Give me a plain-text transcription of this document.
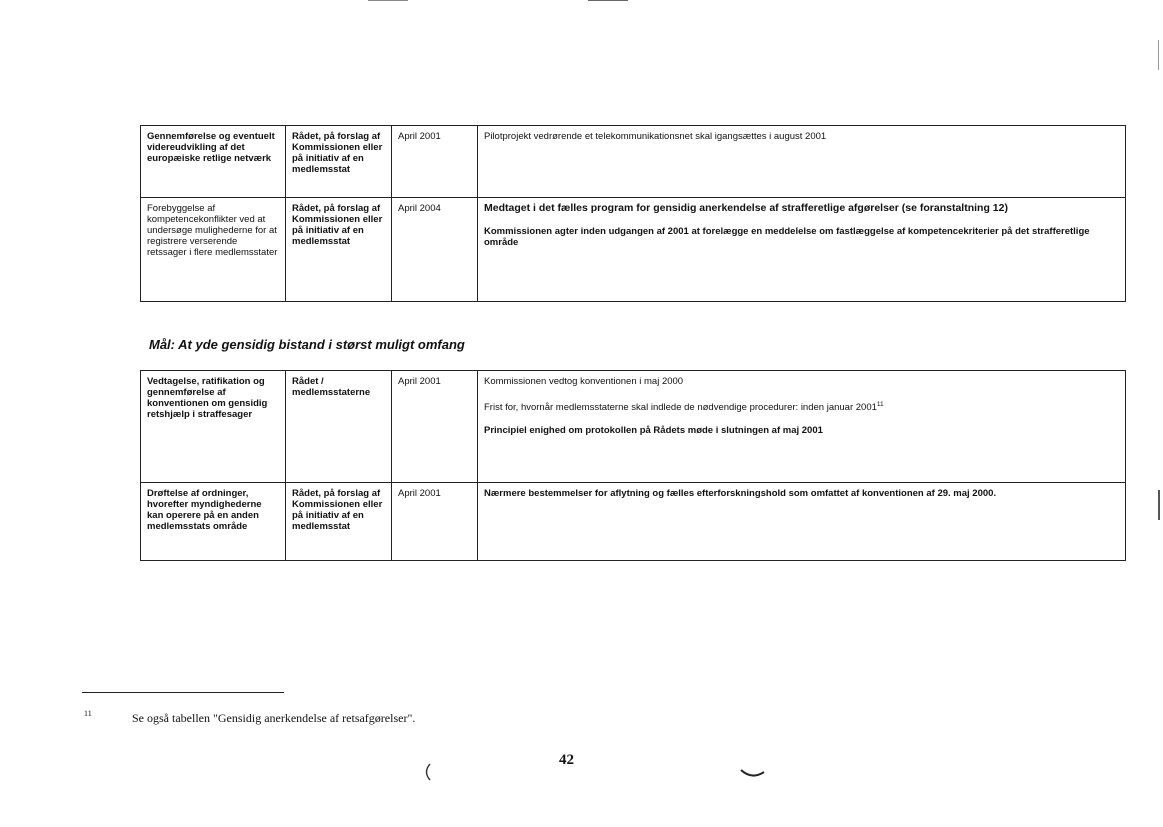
Gennemførelse og eventuelt videreudvikling af det europæiske retlige netværk	Rådet, på forslag af Kommissionen eller på initiativ af en medlemsstat	April 2001	Pilotprojekt vedrørende et telekommunikationsnet skal igangsættes i august 2001

Forebyggelse af kompetencekonflikter ved at undersøge mulighederne for at registrere verserende retssager i flere medlemsstater	Rådet, på forslag af Kommissionen eller på initiativ af en medlemsstat	April 2004	Medtaget i det fælles program for gensidig anerkendelse af strafferetlige afgørelser (se foranstaltning 12)

Kommissionen agter inden udgangen af 2001 at forelægge en meddelelse om fastlæggelse af kompetencekriterier på det strafferetlige område

Mål: At yde gensidig bistand i størst muligt omfang
Vedtagelse, ratifikation og gennemførelse af konventionen om gensidig retshjælp i straffesager	Rådet / medlemsstaterne	April 2001	Kommissionen vedtog konventionen i maj 2000

Frist for, hvornår medlemsstaterne skal indlede de nødvendige procedurer: inden januar 2001$^{11}$

Principiel enighed om protokollen på Rådets møde i slutningen af maj 2001

Drøftelse af ordninger, hvorefter myndighederne kan operere på en anden medlemsstats område	Rådet, på forslag af Kommissionen eller på initiativ af en medlemsstat	April 2001	Nærmere bestemmelser for aflytning og fælles efterforskningshold som omfattet af konventionen af 29. maj 2000.

11	Se også tabellen "Gensidig anerkendelse af retsafgørelser".
42
